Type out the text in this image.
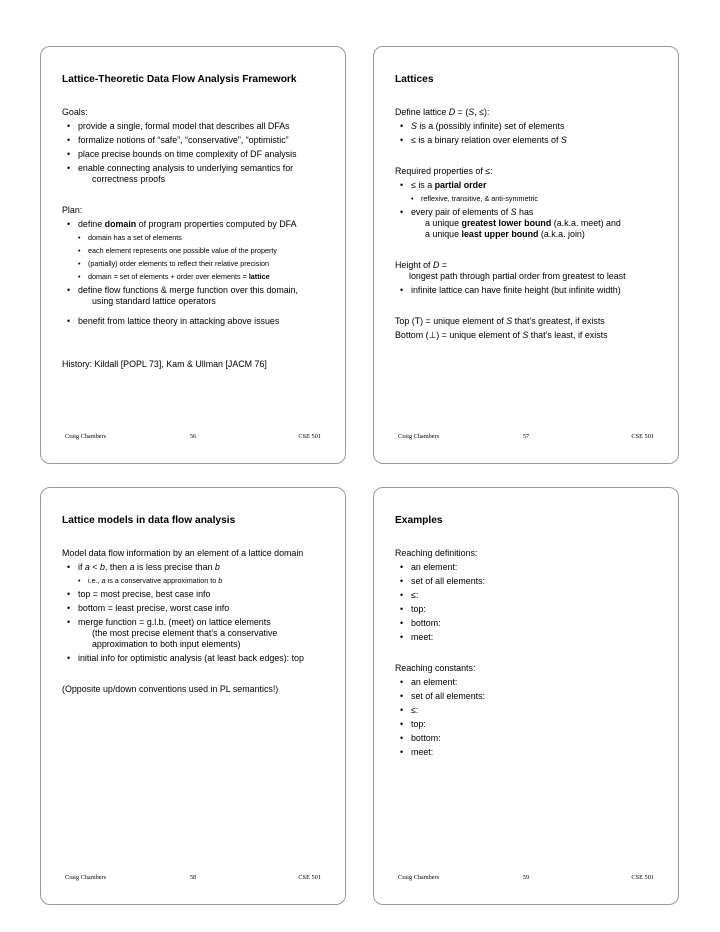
Lattice-Theoretic Data Flow Analysis Framework
Goals:
• provide a single, formal model that describes all DFAs
• formalize notions of “safe”, “conservative”, “optimistic”
• place precise bounds on time complexity of DF analysis
• enable connecting analysis to underlying semantics for
correctness proofs
Plan:
• define domain of program properties computed by DFA
• domain has a set of elements
• each element represents one possible value of the property
• (partially) order elements to reflect their relative precision
• domain = set of elements + order over elements = lattice
• define flow functions & merge function over this domain,
using standard lattice operators
• benefit from lattice theory in attacking above issues
History: Kildall [POPL 73], Kam & Ullman [JACM 76]
Craig Chambers	56	CSE 501
Lattices
Define lattice D = (S, ≤):
• S is a (possibly infinite) set of elements
• ≤ is a binary relation over elements of S
Required properties of ≤:
• ≤ is a partial order
• reflexive, transitive, & anti-symmetric
• every pair of elements of S has
a unique greatest lower bound (a.k.a. meet) and
a unique least upper bound (a.k.a. join)
Height of D =
longest path through partial order from greatest to least
• infinite lattice can have finite height (but infinite width)
Top (T) = unique element of S that’s greatest, if exists
Bottom (⊥) = unique element of S that’s least, if exists
Craig Chambers	57	CSE 501
Lattice models in data flow analysis
Model data flow information by an element of a lattice domain
• if a < b, then a is less precise than b
• i.e., a is a conservative approximation to b
• top = most precise, best case info
• bottom = least precise, worst case info
• merge function = g.l.b. (meet) on lattice elements
(the most precise element that’s a conservative
approximation to both input elements)
• initial info for optimistic analysis (at least back edges): top
(Opposite up/down conventions used in PL semantics!)
Craig Chambers	58	CSE 501
Examples
Reaching definitions:
• an element:
• set of all elements:
• ≤:
• top:
• bottom:
• meet:
Reaching constants:
• an element:
• set of all elements:
• ≤:
• top:
• bottom:
• meet:
Craig Chambers	59	CSE 501
